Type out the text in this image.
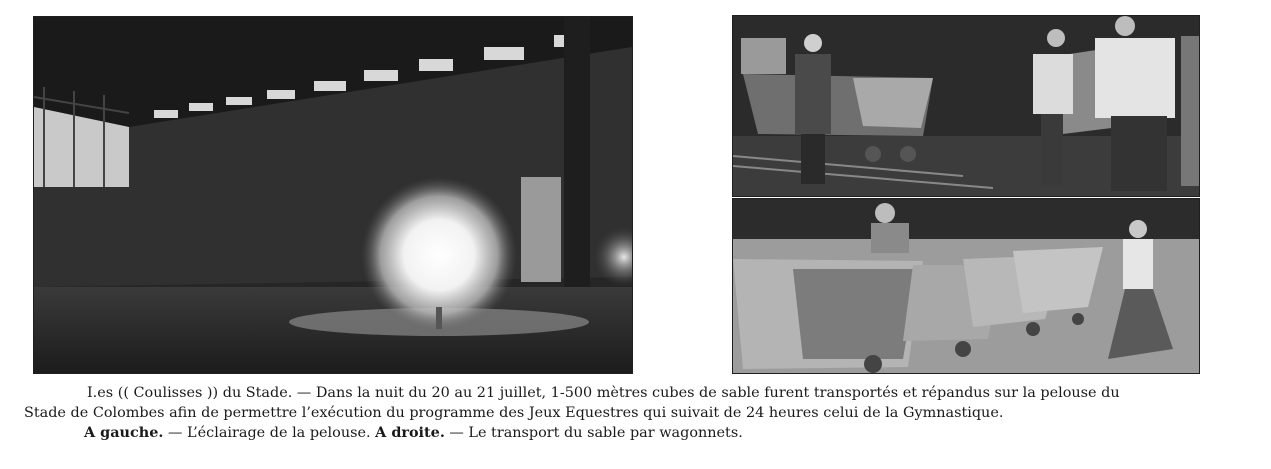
I.es (( Coulisses )) du Stade. — Dans la nuit du 20 au 21 juillet, 1-500 mètres cubes de sable furent transportés et répandus sur la pelouse du

Stade de Colombes afin de permettre l’exécution du programme des Jeux Equestres qui suivait de 24 heures celui de la Gymnastique.

A gauche. — L’éclairage de la pelouse. A droite. — Le transport du sable par wagonnets.
